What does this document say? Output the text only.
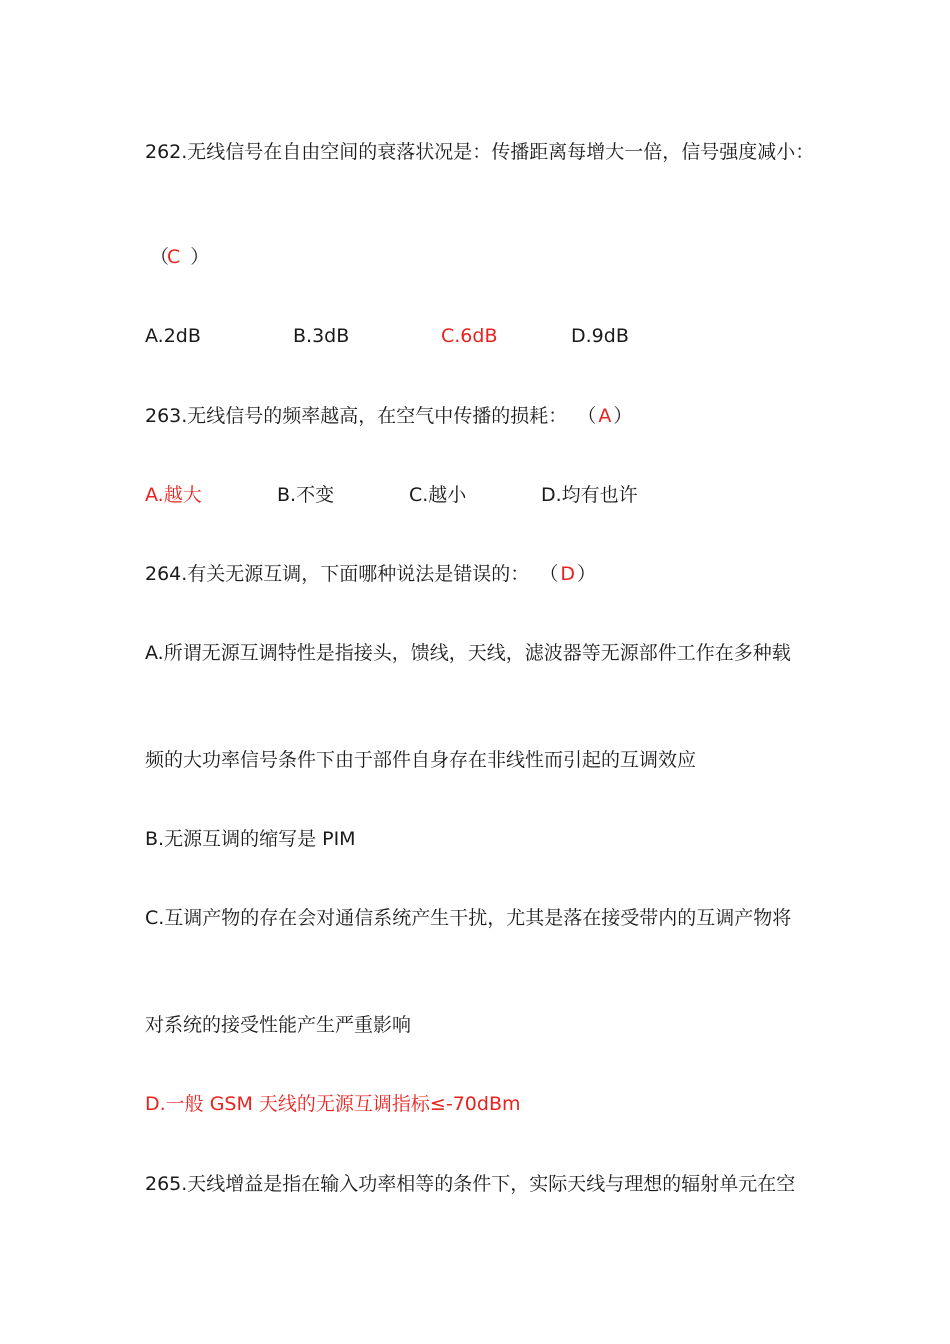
262.无线信号在自由空间的衰落状况是：传播距离每增大一倍，信号强度减小：
（C ）
A.2dB	B.3dB	C.6dB	D.9dB
263.无线信号的频率越高，在空气中传播的损耗： （ A ）
A.越大	B.不变	C.越小	D.均有也许
264.有关无源互调，下面哪种说法是错误的： （ D ）
A.所谓无源互调特性是指接头，馈线，天线，滤波器等无源部件工作在多种载
频的大功率信号条件下由于部件自身存在非线性而引起的互调效应
B.无源互调的缩写是 PIM
C.互调产物的存在会对通信系统产生干扰，尤其是落在接受带内的互调产物将
对系统的接受性能产生严重影响
D.一般 GSM 天线的无源互调指标≤-70dBm
265.天线增益是指在输入功率相等的条件下，实际天线与理想的辐射单元在空
